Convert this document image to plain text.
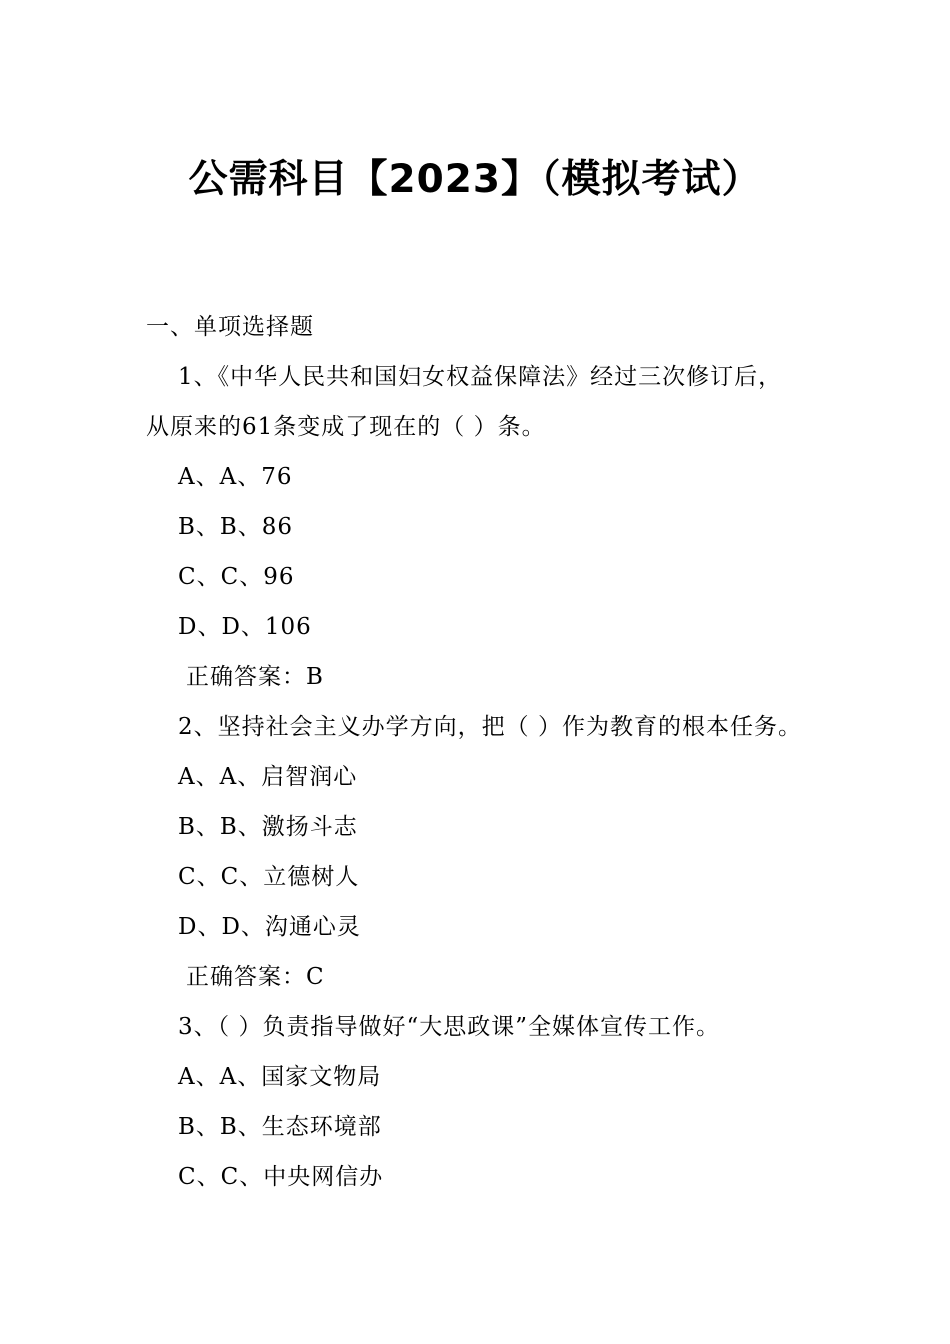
公需科目【2023】（模拟考试）
一、单项选择题
1、《中华人民共和国妇女权益保障法》经过三次修订后，
从原来的61条变成了现在的（ ）条。
A、A、76
B、B、86
C、C、96
D、D、106
正确答案：B
2、坚持社会主义办学方向，把（ ）作为教育的根本任务。
A、A、启智润心
B、B、激扬斗志
C、C、立德树人
D、D、沟通心灵
正确答案：C
3、（ ）负责指导做好“大思政课”全媒体宣传工作。
A、A、国家文物局
B、B、生态环境部
C、C、中央网信办
